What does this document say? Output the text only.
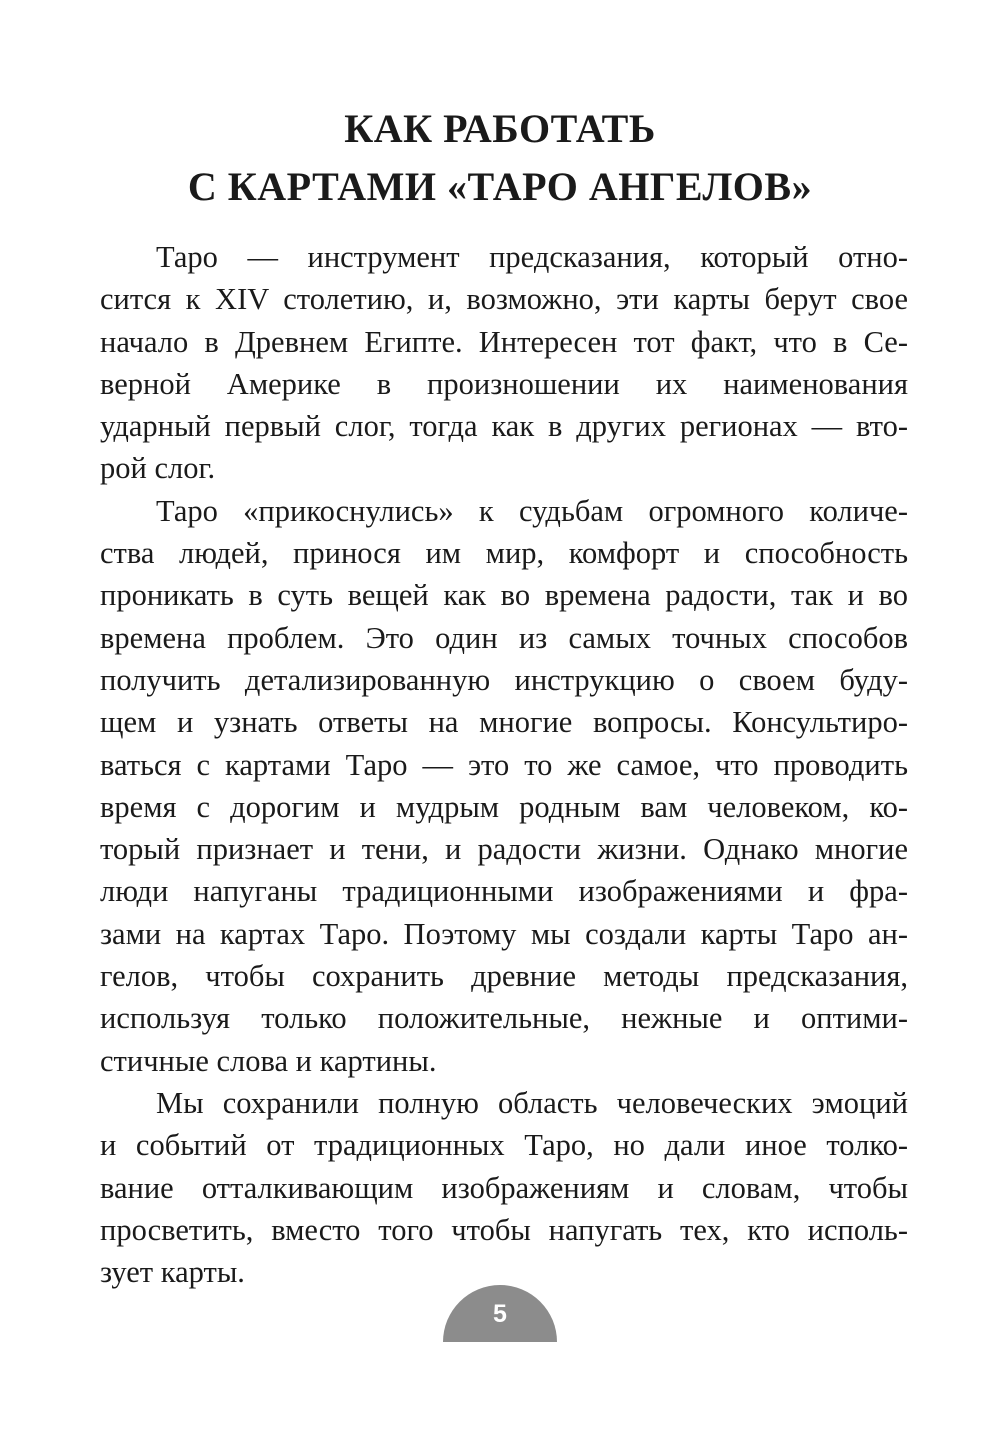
КАК РАБОТАТЬ
С КАРТАМИ «ТАРО АНГЕЛОВ»
Таро — инструмент предсказания, который отно-
сится к XIV столетию, и, возможно, эти карты берут свое
начало в Древнем Египте. Интересен тот факт, что в Се-
верной Америке в произношении их наименования
ударный первый слог, тогда как в других регионах — вто-
рой слог.
Таро «прикоснулись» к судьбам огромного количе-
ства людей, принося им мир, комфорт и способность
проникать в суть вещей как во времена радости, так и во
времена проблем. Это один из самых точных способов
получить детализированную инструкцию о своем буду-
щем и узнать ответы на многие вопросы. Консультиро-
ваться с картами Таро — это то же самое, что проводить
время с дорогим и мудрым родным вам человеком, ко-
торый признает и тени, и радости жизни. Однако многие
люди напуганы традиционными изображениями и фра-
зами на картах Таро. Поэтому мы создали карты Таро ан-
гелов, чтобы сохранить древние методы предсказания,
используя только положительные, нежные и оптими-
стичные слова и картины.
Мы сохранили полную область человеческих эмоций
и событий от традиционных Таро, но дали иное толко-
вание отталкивающим изображениям и словам, чтобы
просветить, вместо того чтобы напугать тех, кто исполь-
зует карты.
5
